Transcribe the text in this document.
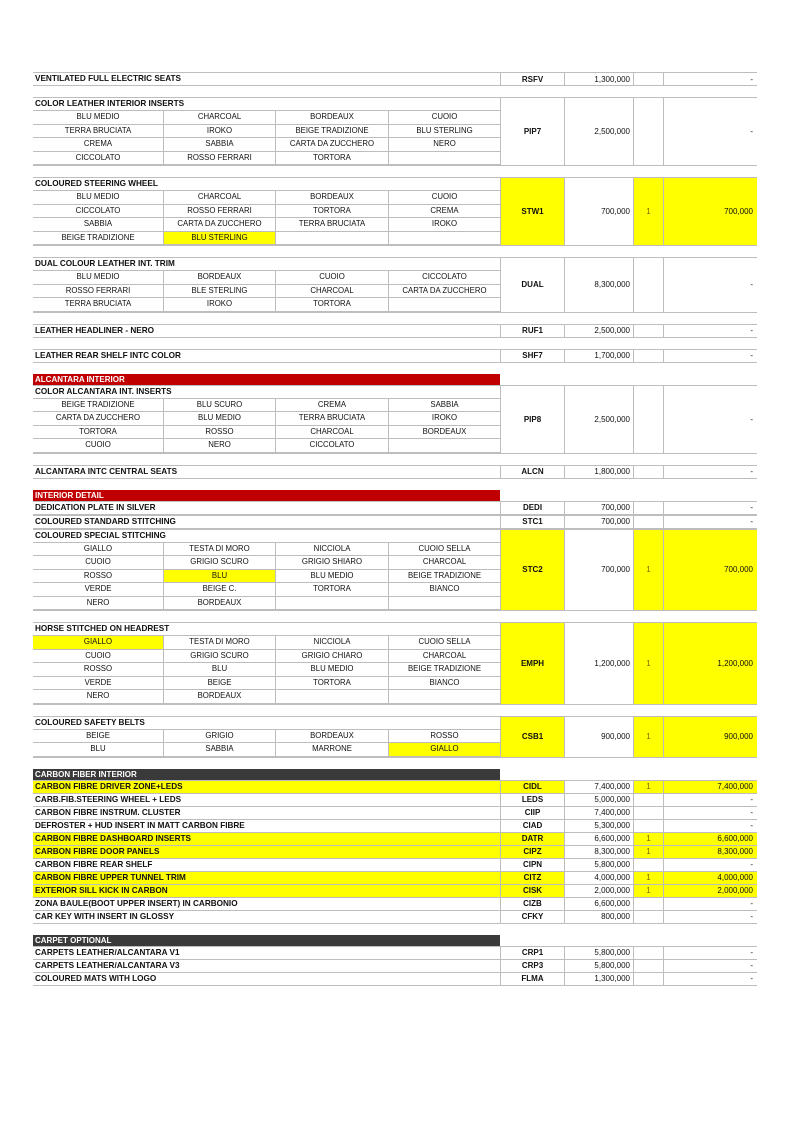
VENTILATED FULL ELECTRIC SEATS	RSFV	1,300,000	-
COLOR LEATHER INTERIOR INSERTS
BLU MEDIO	CHARCOAL	BORDEAUX	CUOIO
TERRA BRUCIATA	IROKO	BEIGE TRADIZIONE	BLU STERLING
CREMA	SABBIA	CARTA DA ZUCCHERO	NERO
CICCOLATO	ROSSO FERRARI	TORTORA
PIP7	2,500,000	-
COLOURED STEERING WHEEL
BLU MEDIO	CHARCOAL	BORDEAUX	CUOIO
CICCOLATO	ROSSO FERRARI	TORTORA	CREMA
SABBIA	CARTA DA ZUCCHERO	TERRA BRUCIATA	IROKO
BEIGE TRADIZIONE	BLU STERLING
STW1	700,000	1	700,000
DUAL COLOUR LEATHER INT. TRIM
BLU MEDIO	BORDEAUX	CUOIO	CICCOLATO
ROSSO FERRARI	BLE STERLING	CHARCOAL	CARTA DA ZUCCHERO
TERRA BRUCIATA	IROKO	TORTORA
DUAL	8,300,000	-
LEATHER HEADLINER - NERO	RUF1	2,500,000	-
LEATHER REAR SHELF INTC COLOR	SHF7	1,700,000	-
ALCANTARA INTERIOR
COLOR ALCANTARA INT. INSERTS
BEIGE TRADIZIONE	BLU SCURO	CREMA	SABBIA
CARTA DA ZUCCHERO	BLU MEDIO	TERRA BRUCIATA	IROKO
TORTORA	ROSSO	CHARCOAL	BORDEAUX
CUOIO	NERO	CICCOLATO
PIP8	2,500,000	-
ALCANTARA INTC CENTRAL SEATS	ALCN	1,800,000	-
INTERIOR DETAIL
DEDICATION PLATE IN SILVER	DEDI	700,000	-
COLOURED STANDARD STITCHING	STC1	700,000	-
COLOURED SPECIAL STITCHING
GIALLO	TESTA DI MORO	NICCIOLA	CUOIO SELLA
CUOIO	GRIGIO SCURO	GRIGIO SHIARO	CHARCOAL
ROSSO	BLU	BLU MEDIO	BEIGE TRADIZIONE
VERDE	BEIGE C.	TORTORA	BIANCO
NERO	BORDEAUX
STC2	700,000	1	700,000
HORSE STITCHED ON HEADREST
GIALLO	TESTA DI MORO	NICCIOLA	CUOIO SELLA
CUOIO	GRIGIO SCURO	GRIGIO CHIARO	CHARCOAL
ROSSO	BLU	BLU MEDIO	BEIGE TRADIZIONE
VERDE	BEIGE	TORTORA	BIANCO
NERO	BORDEAUX
EMPH	1,200,000	1	1,200,000
COLOURED SAFETY BELTS
BEIGE	GRIGIO	BORDEAUX	ROSSO
BLU	SABBIA	MARRONE	GIALLO
CSB1	900,000	1	900,000
CARBON FIBER INTERIOR
CARBON FIBRE DRIVER ZONE+LEDS	CIDL	7,400,000	1	7,400,000
CARB.FIB.STEERING WHEEL + LEDS	LEDS	5,000,000	-
CARBON FIBRE INSTRUM. CLUSTER	CIIP	7,400,000	-
DEFROSTER + HUD INSERT IN MATT CARBON FIBRE	CIAD	5,300,000	-
CARBON FIBRE DASHBOARD INSERTS	DATR	6,600,000	1	6,600,000
CARBON FIBRE DOOR PANELS	CIPZ	8,300,000	1	8,300,000
CARBON FIBRE REAR SHELF	CIPN	5,800,000	-
CARBON FIBRE UPPER TUNNEL TRIM	CITZ	4,000,000	1	4,000,000
EXTERIOR SILL KICK IN CARBON	CISK	2,000,000	1	2,000,000
ZONA BAULE(BOOT UPPER INSERT) IN CARBONIO	CIZB	6,600,000	-
CAR KEY WITH INSERT IN GLOSSY	CFKY	800,000	-
CARPET OPTIONAL
CARPETS LEATHER/ALCANTARA V1	CRP1	5,800,000	-
CARPETS LEATHER/ALCANTARA V3	CRP3	5,800,000	-
COLOURED MATS WITH LOGO	FLMA	1,300,000	-
